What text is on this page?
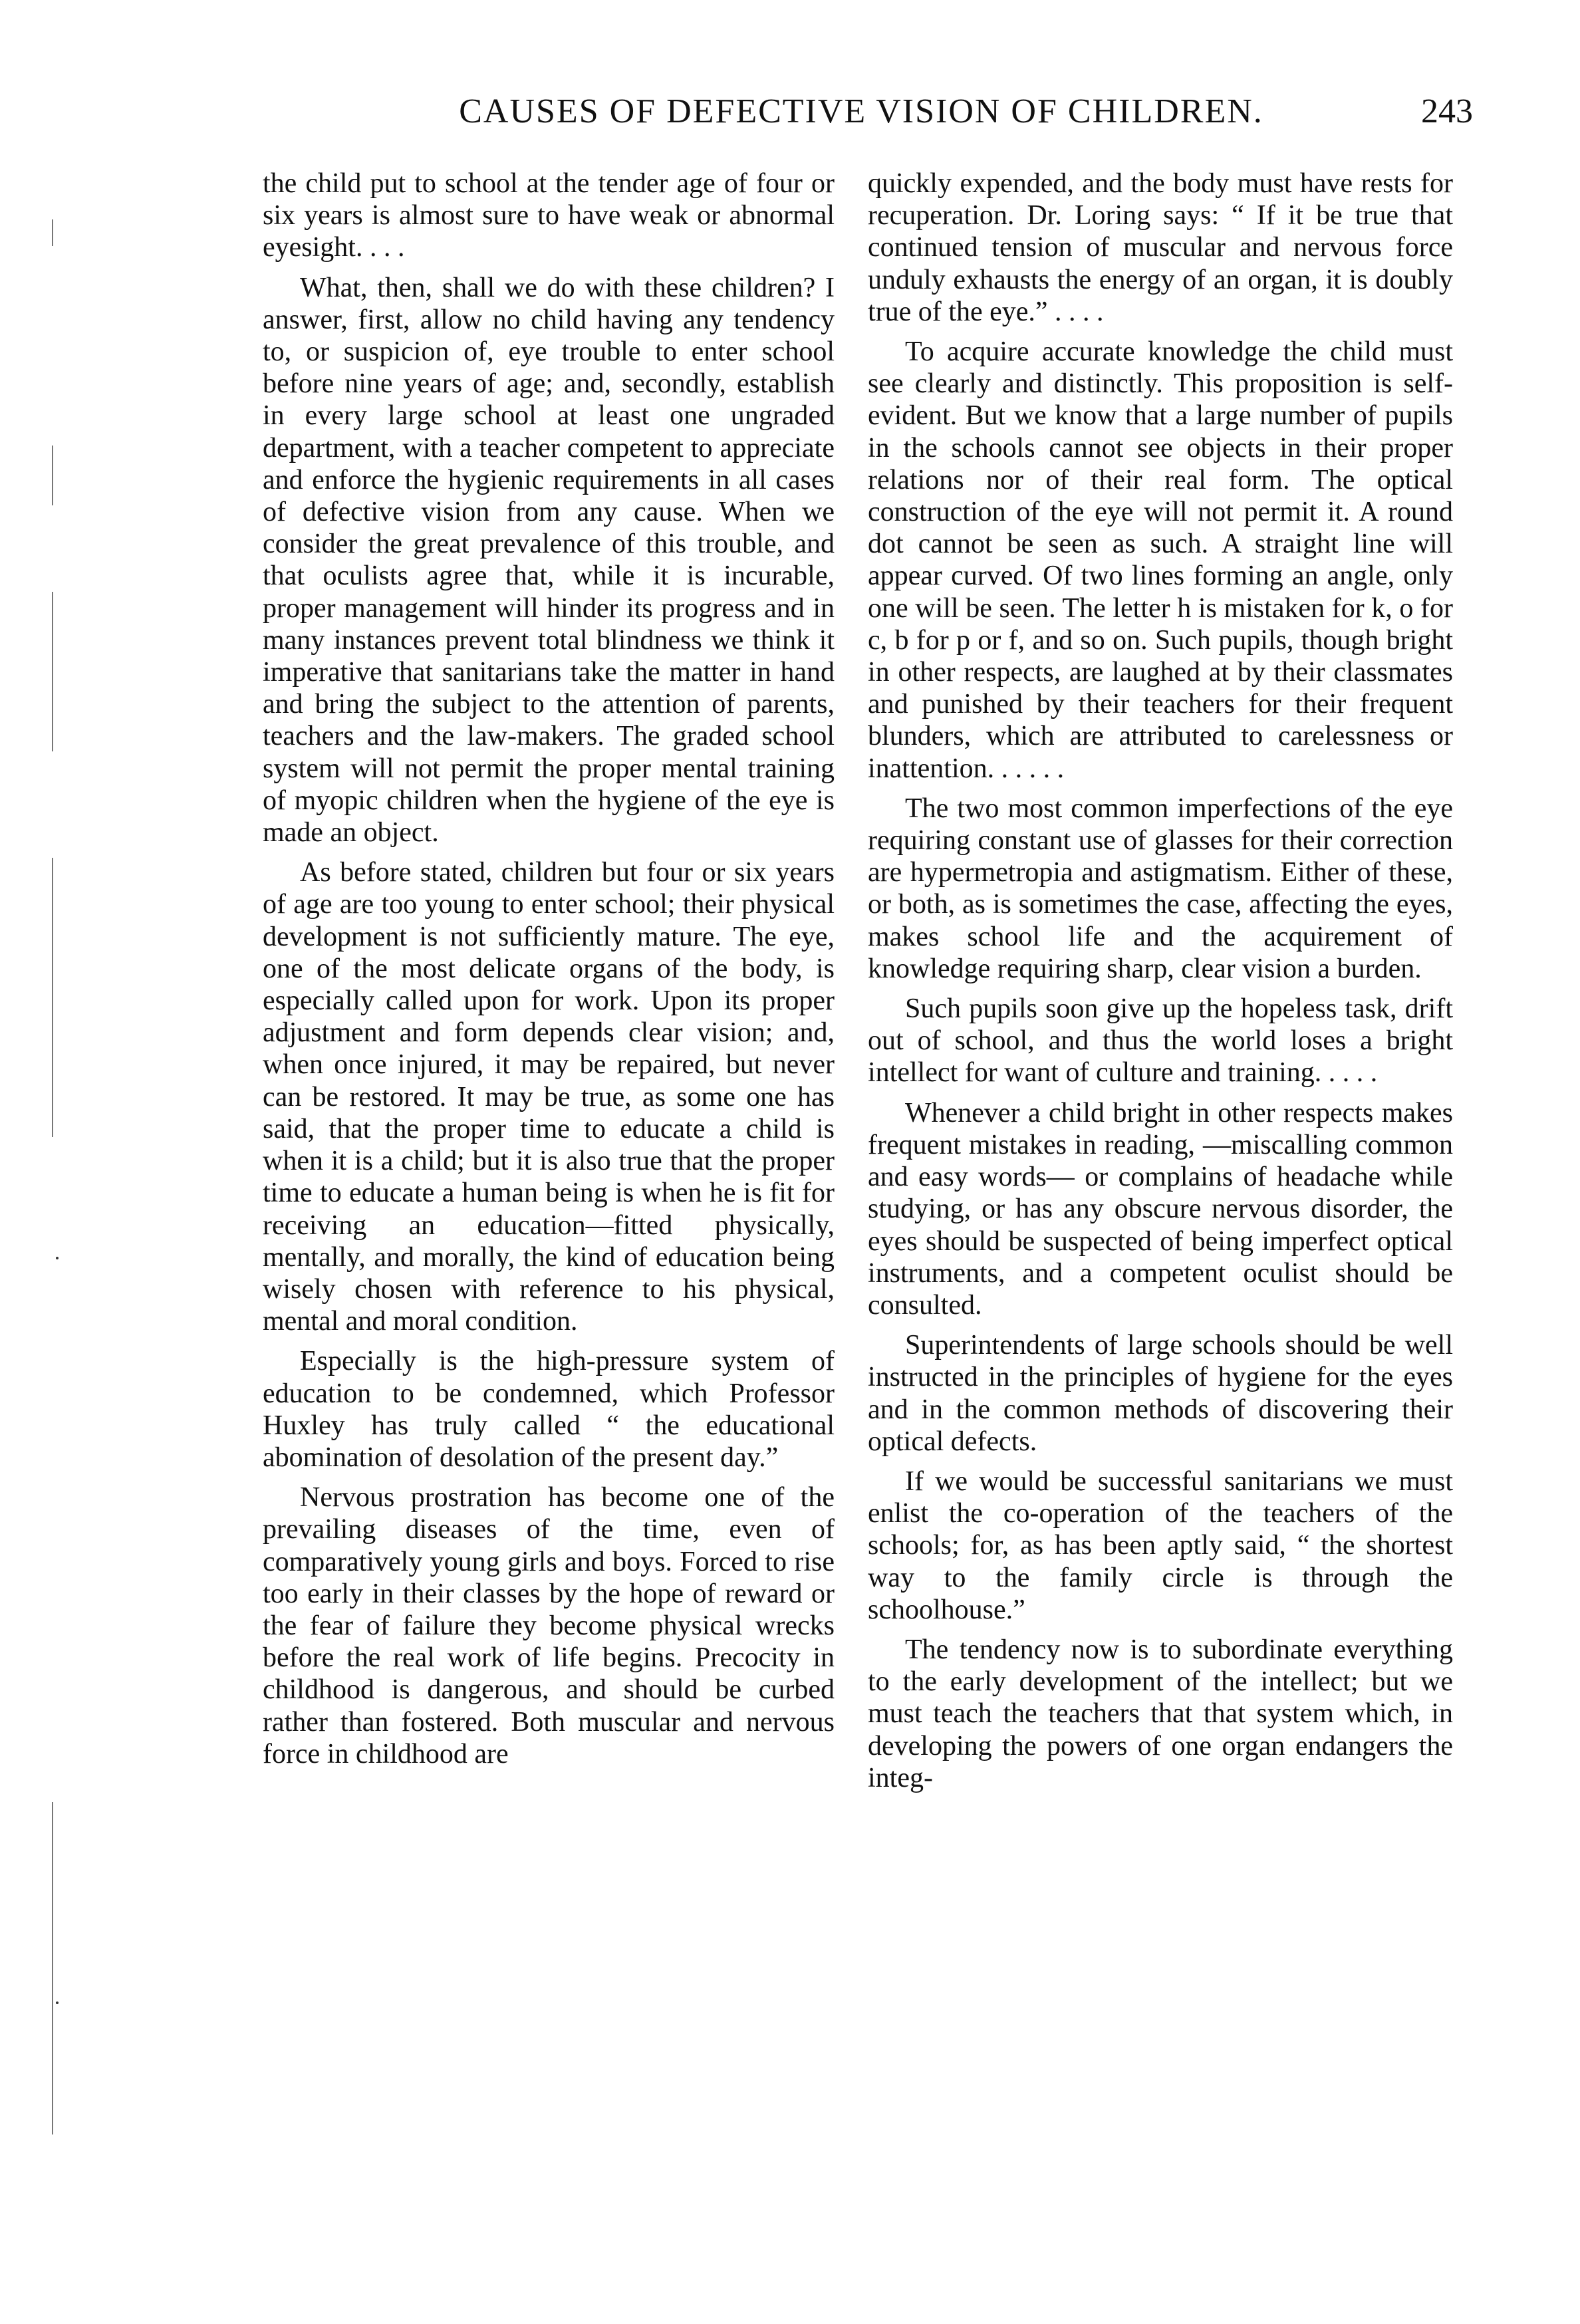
CAUSES OF DEFECTIVE VISION OF CHILDREN.	243

the child put to school at the tender age of four or six years is almost sure to have weak or abnormal eyesight. . . .

What, then, shall we do with these children? I answer, first, allow no child having any tendency to, or suspicion of, eye trouble to enter school before nine years of age; and, secondly, establish in every large school at least one ungraded department, with a teacher competent to appreciate and enforce the hygienic requirements in all cases of defective vision from any cause. When we consider the great prevalence of this trouble, and that oculists agree that, while it is incurable, proper management will hinder its progress and in many instances prevent total blindness we think it imperative that sanitarians take the matter in hand and bring the subject to the attention of parents, teachers and the law-makers. The graded school system will not permit the proper mental training of myopic children when the hygiene of the eye is made an object.

As before stated, children but four or six years of age are too young to enter school; their physical development is not sufficiently mature. The eye, one of the most delicate organs of the body, is especially called upon for work. Upon its proper adjustment and form depends clear vision; and, when once injured, it may be repaired, but never can be restored. It may be true, as some one has said, that the proper time to educate a child is when it is a child; but it is also true that the proper time to educate a human being is when he is fit for receiving an education—fitted physically, mentally, and morally, the kind of education being wisely chosen with reference to his physical, mental and moral condition.

Especially is the high-pressure system of education to be condemned, which Professor Huxley has truly called “ the educational abomination of desolation of the present day.”

Nervous prostration has become one of the prevailing diseases of the time, even of comparatively young girls and boys. Forced to rise too early in their classes by the hope of reward or the fear of failure they become physical wrecks before the real work of life begins. Precocity in childhood is dangerous, and should be curbed rather than fostered. Both muscular and nervous force in childhood are

quickly expended, and the body must have rests for recuperation. Dr. Loring says: “ If it be true that continued tension of muscular and nervous force unduly exhausts the energy of an organ, it is doubly true of the eye.” . . . .

To acquire accurate knowledge the child must see clearly and distinctly. This proposition is self-evident. But we know that a large number of pupils in the schools cannot see objects in their proper relations nor of their real form. The optical construction of the eye will not permit it. A round dot cannot be seen as such. A straight line will appear curved. Of two lines forming an angle, only one will be seen. The letter h is mistaken for k, o for c, b for p or f, and so on. Such pupils, though bright in other respects, are laughed at by their classmates and punished by their teachers for their frequent blunders, which are attributed to carelessness or inattention. . . . . .

The two most common imperfections of the eye requiring constant use of glasses for their correction are hypermetropia and astigmatism. Either of these, or both, as is sometimes the case, affecting the eyes, makes school life and the acquirement of knowledge requiring sharp, clear vision a burden.

Such pupils soon give up the hopeless task, drift out of school, and thus the world loses a bright intellect for want of culture and training. . . . .

Whenever a child bright in other respects makes frequent mistakes in reading, —miscalling common and easy words— or complains of headache while studying, or has any obscure nervous disorder, the eyes should be suspected of being imperfect optical instruments, and a competent oculist should be consulted.

Superintendents of large schools should be well instructed in the principles of hygiene for the eyes and in the common methods of discovering their optical defects.

If we would be successful sanitarians we must enlist the co-operation of the teachers of the schools; for, as has been aptly said, “ the shortest way to the family circle is through the schoolhouse.”

The tendency now is to subordinate everything to the early development of the intellect; but we must teach the teachers that that system which, in developing the powers of one organ endangers the integ-
